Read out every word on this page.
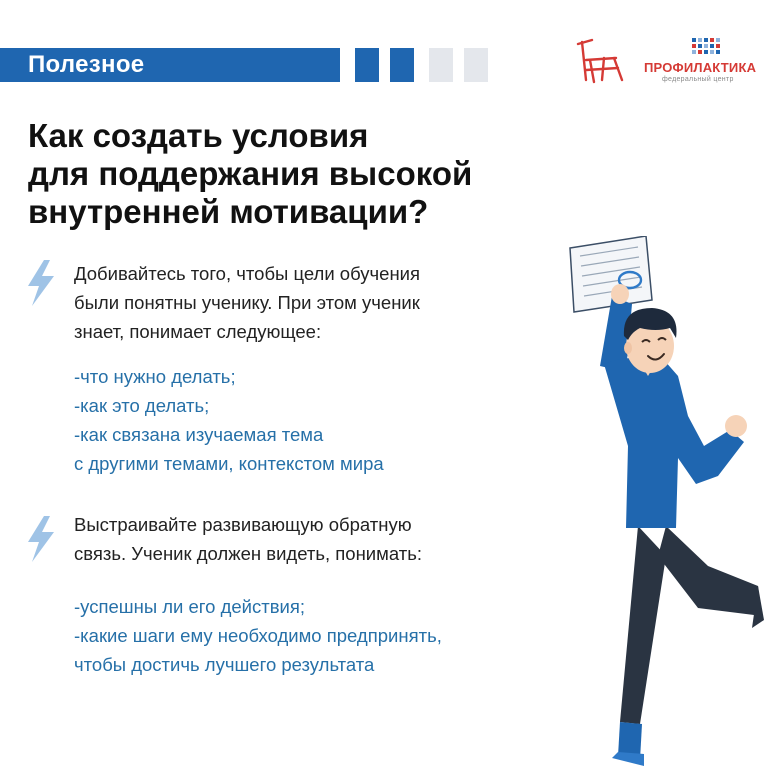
Полезное	ПРОФИЛАКТИКА
федеральный центр
Как создать условия
для поддержания высокой
внутренней мотивации?
Добивайтесь того, чтобы цели обучения
были понятны ученику. При этом ученик
знает, понимает следующее:
-что нужно делать;
-как это делать;
-как связана изучаемая тема
с другими темами, контекстом мира
Выстраивайте развивающую обратную
связь. Ученик должен видеть, понимать:
-успешны ли его действия;
-какие шаги ему необходимо предпринять,
чтобы достичь лучшего результата
